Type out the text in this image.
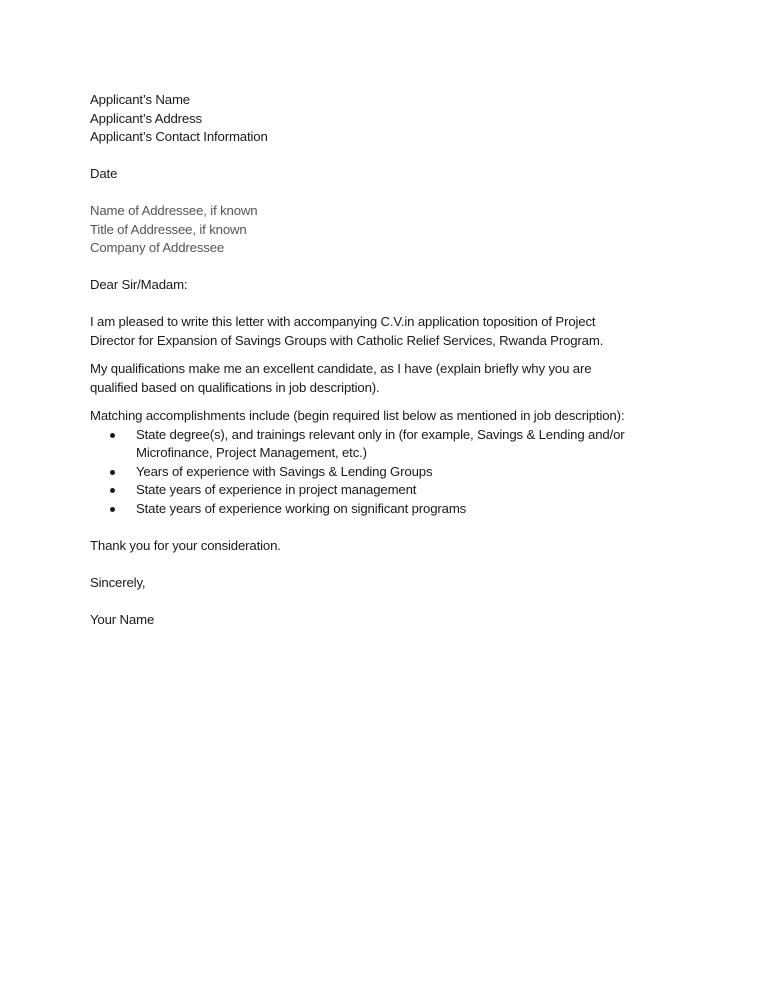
Applicant’s Name
Applicant’s Address
Applicant’s Contact Information
Date
Name of Addressee, if known
Title of Addressee, if known
Company of Addressee
Dear Sir/Madam:
I am pleased to write this letter with accompanying C.V.in application toposition of Project
Director for Expansion of Savings Groups with Catholic Relief Services, Rwanda Program.
My qualifications make me an excellent candidate, as I have (explain briefly why you are
qualified based on qualifications in job description).
Matching accomplishments include (begin required list below as mentioned in job description):
State degree(s), and trainings relevant only in (for example, Savings & Lending and/or
Microfinance, Project Management, etc.)
Years of experience with Savings & Lending Groups
State years of experience in project management
State years of experience working on significant programs
Thank you for your consideration.
Sincerely,
Your Name
